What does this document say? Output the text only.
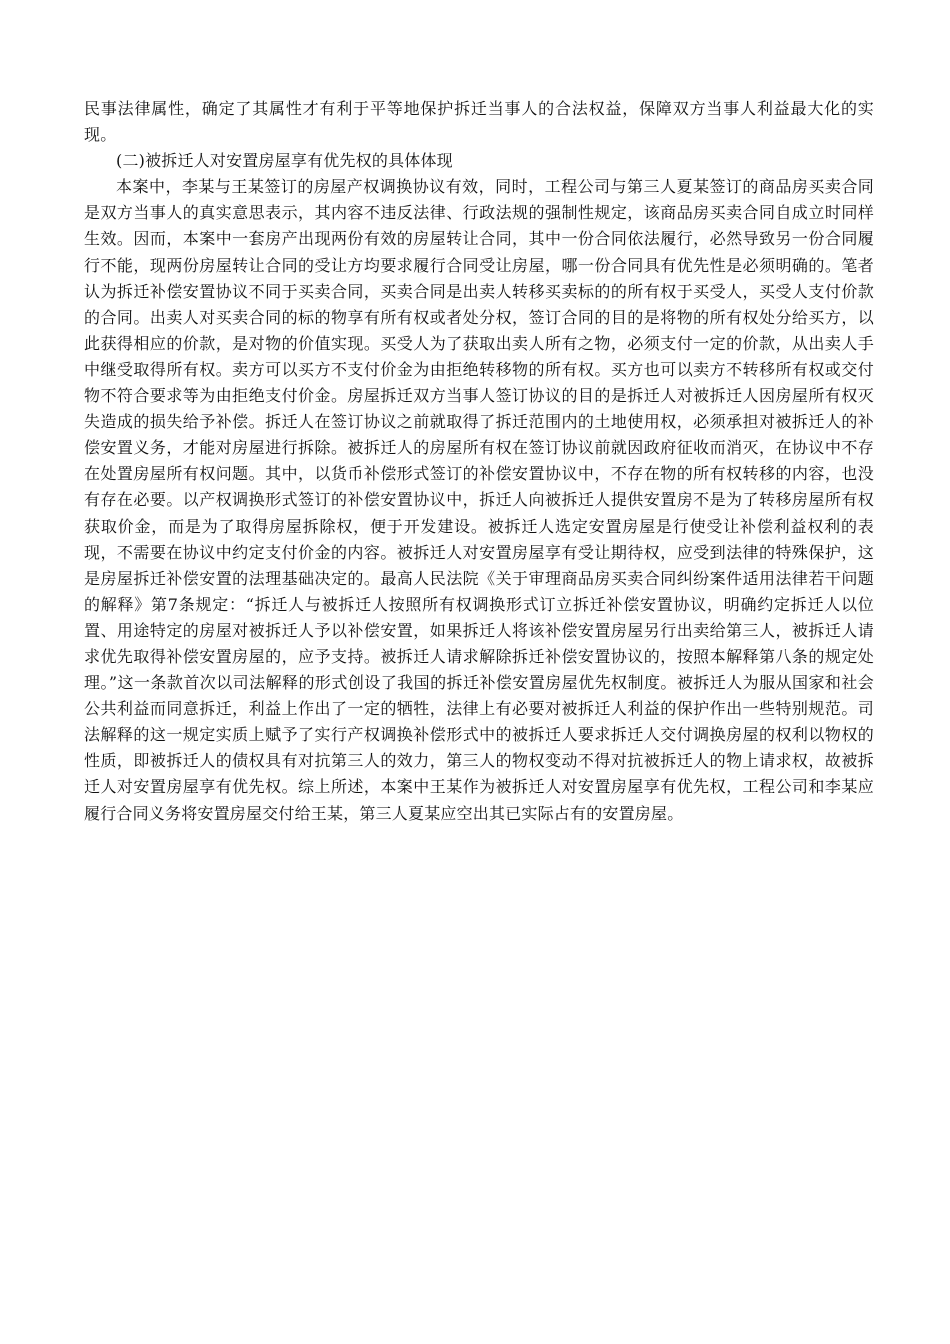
民事法律属性，确定了其属性才有利于平等地保护拆迁当事人的合法权益，保障双方当事人利益最大化的实现。

(二)被拆迁人对安置房屋享有优先权的具体体现

本案中，李某与王某签订的房屋产权调换协议有效，同时，工程公司与第三人夏某签订的商品房买卖合同是双方当事人的真实意思表示，其内容不违反法律、行政法规的强制性规定，该商品房买卖合同自成立时同样生效。因而，本案中一套房产出现两份有效的房屋转让合同，其中一份合同依法履行，必然导致另一份合同履行不能，现两份房屋转让合同的受让方均要求履行合同受让房屋，哪一份合同具有优先性是必须明确的。笔者认为拆迁补偿安置协议不同于买卖合同，买卖合同是出卖人转移买卖标的的所有权于买受人，买受人支付价款的合同。出卖人对买卖合同的标的物享有所有权或者处分权，签订合同的目的是将物的所有权处分给买方，以此获得相应的价款，是对物的价值实现。买受人为了获取出卖人所有之物，必须支付一定的价款，从出卖人手中继受取得所有权。卖方可以买方不支付价金为由拒绝转移物的所有权。买方也可以卖方不转移所有权或交付物不符合要求等为由拒绝支付价金。房屋拆迁双方当事人签订协议的目的是拆迁人对被拆迁人因房屋所有权灭失造成的损失给予补偿。拆迁人在签订协议之前就取得了拆迁范围内的土地使用权，必须承担对被拆迁人的补偿安置义务，才能对房屋进行拆除。被拆迁人的房屋所有权在签订协议前就因政府征收而消灭，在协议中不存在处置房屋所有权问题。其中，以货币补偿形式签订的补偿安置协议中，不存在物的所有权转移的内容，也没有存在必要。以产权调换形式签订的补偿安置协议中，拆迁人向被拆迁人提供安置房不是为了转移房屋所有权获取价金，而是为了取得房屋拆除权，便于开发建设。被拆迁人选定安置房屋是行使受让补偿利益权利的表现，不需要在协议中约定支付价金的内容。被拆迁人对安置房屋享有受让期待权，应受到法律的特殊保护，这是房屋拆迁补偿安置的法理基础决定的。最高人民法院《关于审理商品房买卖合同纠纷案件适用法律若干问题的解释》第7条规定：“拆迁人与被拆迁人按照所有权调换形式订立拆迁补偿安置协议，明确约定拆迁人以位置、用途特定的房屋对被拆迁人予以补偿安置，如果拆迁人将该补偿安置房屋另行出卖给第三人，被拆迁人请求优先取得补偿安置房屋的，应予支持。被拆迁人请求解除拆迁补偿安置协议的，按照本解释第八条的规定处理。”这一条款首次以司法解释的形式创设了我国的拆迁补偿安置房屋优先权制度。被拆迁人为服从国家和社会公共利益而同意拆迁，利益上作出了一定的牺牲，法律上有必要对被拆迁人利益的保护作出一些特别规范。司法解释的这一规定实质上赋予了实行产权调换补偿形式中的被拆迁人要求拆迁人交付调换房屋的权利以物权的性质，即被拆迁人的债权具有对抗第三人的效力，第三人的物权变动不得对抗被拆迁人的物上请求权，故被拆迁人对安置房屋享有优先权。综上所述，本案中王某作为被拆迁人对安置房屋享有优先权，工程公司和李某应履行合同义务将安置房屋交付给王某，第三人夏某应空出其已实际占有的安置房屋。
